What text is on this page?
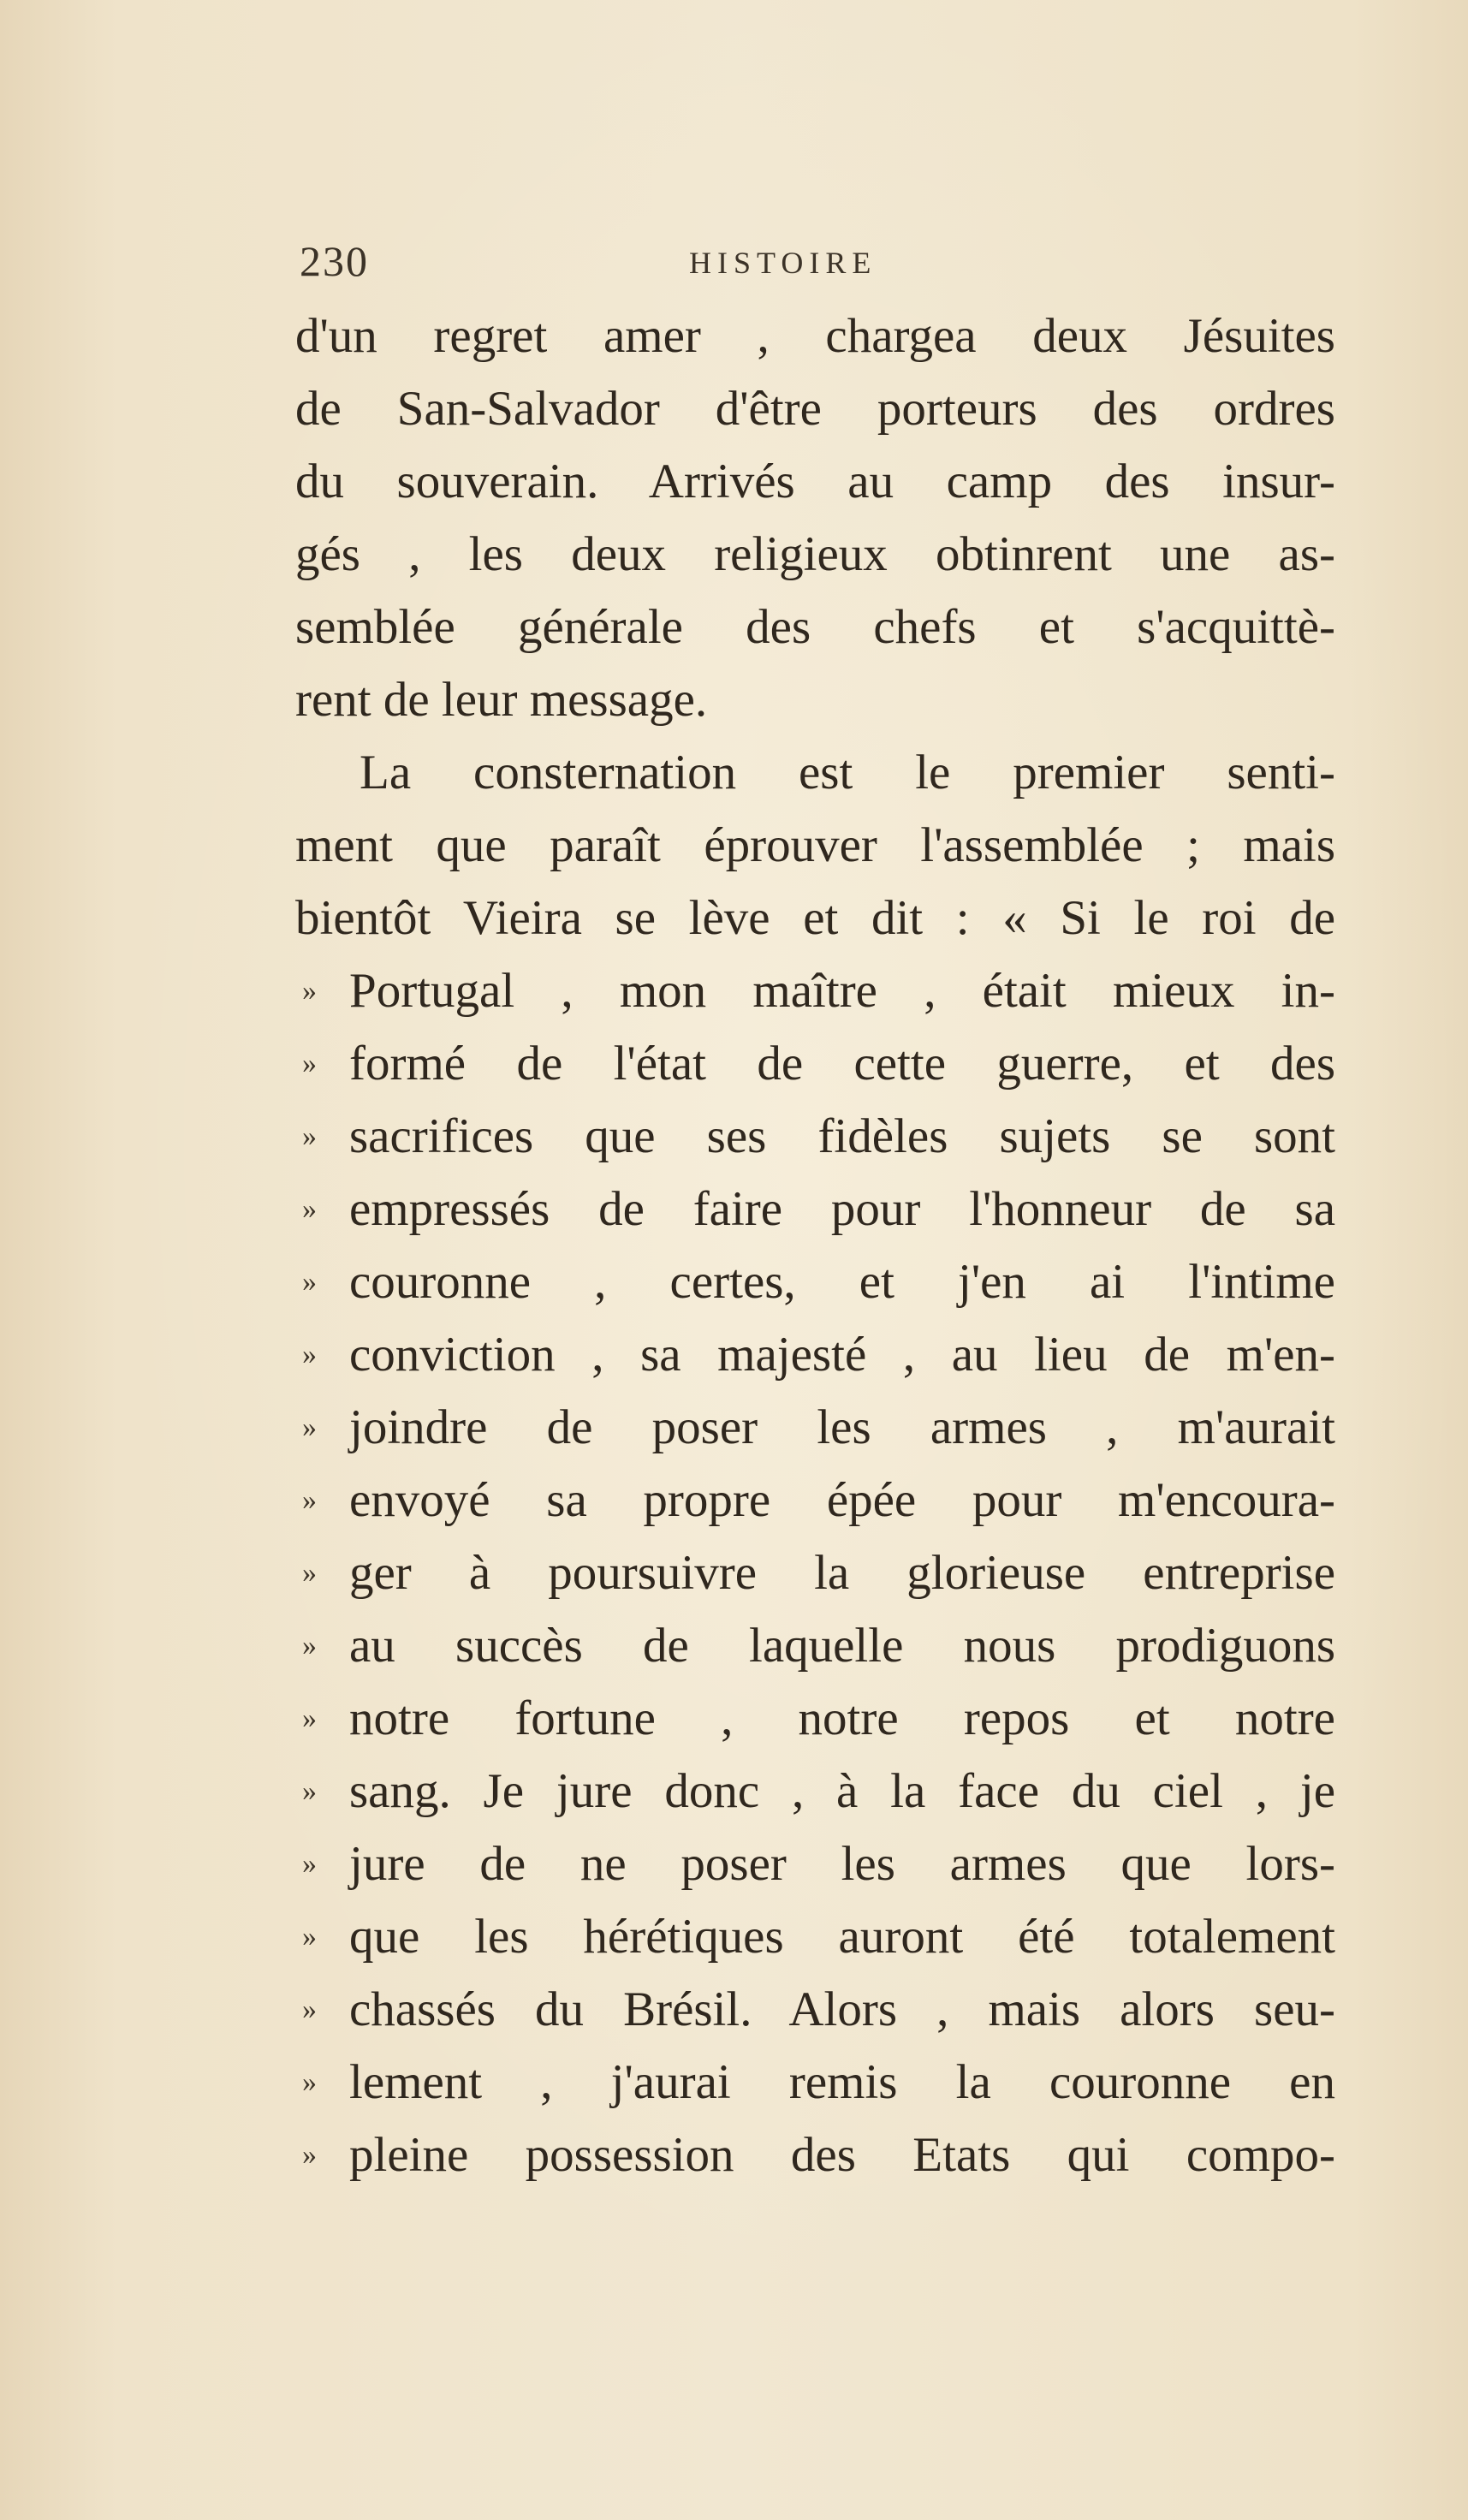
230	HISTOIRE
d'un regret amer , chargea deux Jésuites
de San-Salvador d'être porteurs des ordres
du souverain. Arrivés au camp des insur-
gés , les deux religieux obtinrent une as-
semblée générale des chefs et s'acquittè-
rent de leur message.
La consternation est le premier senti-
ment que paraît éprouver l'assemblée ; mais
bientôt Vieira se lève et dit : « Si le roi de
» Portugal , mon maître , était mieux in-
» formé de l'état de cette guerre, et des
» sacrifices que ses fidèles sujets se sont
» empressés de faire pour l'honneur de sa
» couronne , certes, et j'en ai l'intime
» conviction , sa majesté , au lieu de m'en-
» joindre de poser les armes , m'aurait
» envoyé sa propre épée pour m'encoura-
» ger à poursuivre la glorieuse entreprise
» au succès de laquelle nous prodiguons
» notre fortune , notre repos et notre
» sang. Je jure donc , à la face du ciel , je
» jure de ne poser les armes que lors-
» que les hérétiques auront été totalement
» chassés du Brésil. Alors , mais alors seu-
» lement , j'aurai remis la couronne en
» pleine possession des Etats qui compo-
